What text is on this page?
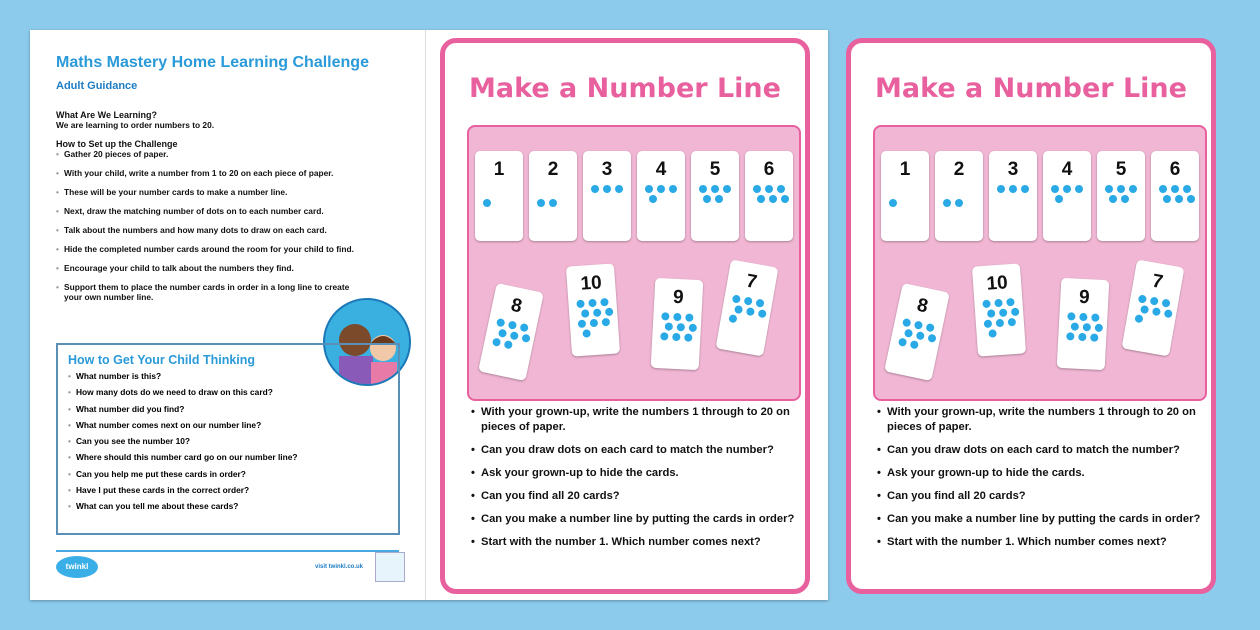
Maths Mastery Home Learning Challenge
Adult Guidance
What Are We Learning?

We are learning to order numbers to 20.

How to Set up the Challenge
• Gather 20 pieces of paper.
• With your child, write a number from 1 to 20 on each piece of paper.
• These will be your number cards to make a number line.
• Next, draw the matching number of dots on to each number card.
• Talk about the numbers and how many dots to draw on each card.
• Hide the completed number cards around the room for your child to find.
• Encourage your child to talk about the numbers they find.
• Support them to place the number cards in order in a long line to create your own number line.
How to Get Your Child Thinking
• What number is this?
• How many dots do we need to draw on this card?
• What number did you find?
• What number comes next on our number line?
• Can you see the number 10?
• Where should this number card go on our number line?
• Can you help me put these cards in order?
• Have I put these cards in the correct order?
• What can you tell me about these cards?
twinkl	visit twinkl.co.uk
Make a Number Line
1	2	3	4	5	6
8
10
9
7
• With your grown-up, write the numbers 1 through to 20 on pieces of paper.
• Can you draw dots on each card to match the number?
• Ask your grown-up to hide the cards.
• Can you find all 20 cards?
• Can you make a number line by putting the cards in order?
• Start with the number 1. Which number comes next?
Make a Number Line
1	2	3	4	5	6
8
10
9
7
• With your grown-up, write the numbers 1 through to 20 on pieces of paper.
• Can you draw dots on each card to match the number?
• Ask your grown-up to hide the cards.
• Can you find all 20 cards?
• Can you make a number line by putting the cards in order?
• Start with the number 1. Which number comes next?
